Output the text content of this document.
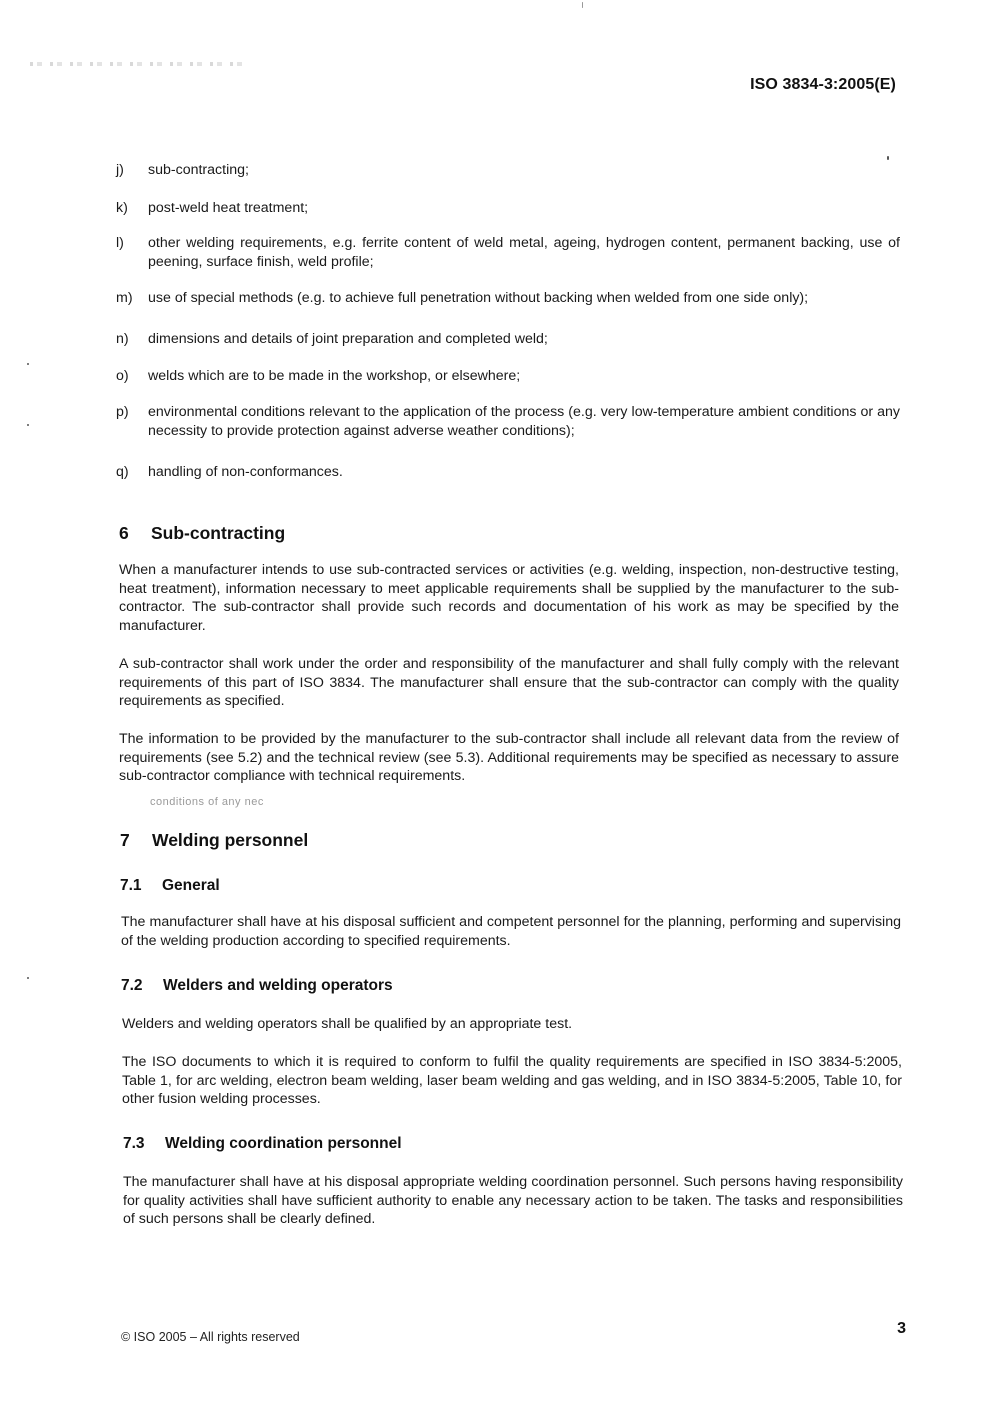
ISO 3834-3:2005(E)
j)	sub-contracting;
k)	post-weld heat treatment;
l)	other welding requirements, e.g. ferrite content of weld metal, ageing, hydrogen content, permanent backing, use of peening, surface finish, weld profile;
m)	use of special methods (e.g. to achieve full penetration without backing when welded from one side only);
n)	dimensions and details of joint preparation and completed weld;
o)	welds which are to be made in the workshop, or elsewhere;
p)	environmental conditions relevant to the application of the process (e.g. very low-temperature ambient conditions or any necessity to provide protection against adverse weather conditions);
q)	handling of non-conformances.
6 Sub-contracting
When a manufacturer intends to use sub-contracted services or activities (e.g. welding, inspection, non-destructive testing, heat treatment), information necessary to meet applicable requirements shall be supplied by the manufacturer to the sub-contractor. The sub-contractor shall provide such records and documentation of his work as may be specified by the manufacturer.
A sub-contractor shall work under the order and responsibility of the manufacturer and shall fully comply with the relevant requirements of this part of ISO 3834. The manufacturer shall ensure that the sub-contractor can comply with the quality requirements as specified.
The information to be provided by the manufacturer to the sub-contractor shall include all relevant data from the review of requirements (see 5.2) and the technical review (see 5.3). Additional requirements may be specified as necessary to assure sub-contractor compliance with technical requirements.
conditions of any nec
7 Welding personnel
7.1 General
The manufacturer shall have at his disposal sufficient and competent personnel for the planning, performing and supervising of the welding production according to specified requirements.
7.2 Welders and welding operators
Welders and welding operators shall be qualified by an appropriate test.
The ISO documents to which it is required to conform to fulfil the quality requirements are specified in ISO 3834-5:2005, Table 1, for arc welding, electron beam welding, laser beam welding and gas welding, and in ISO 3834-5:2005, Table 10, for other fusion welding processes.
7.3 Welding coordination personnel
The manufacturer shall have at his disposal appropriate welding coordination personnel. Such persons having responsibility for quality activities shall have sufficient authority to enable any necessary action to be taken. The tasks and responsibilities of such persons shall be clearly defined.
© ISO 2005 – All rights reserved	3
